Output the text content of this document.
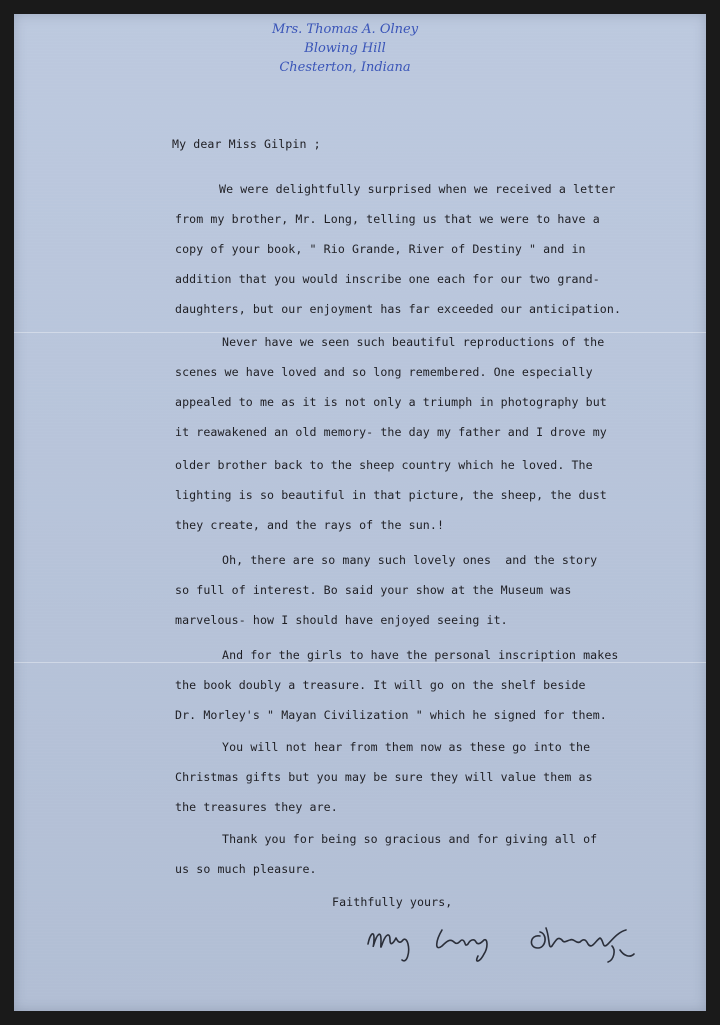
Mrs. Thomas A. Olney
Blowing Hill
Chesterton, Indiana

My dear Miss Gilpin ;

We were delightfully surprised when we received a letter

from my brother, Mr. Long, telling us that we were to have a

copy of your book, " Rio Grande, River of Destiny " and in

addition that you would inscribe one each for our two grand-

daughters, but our enjoyment has far exceeded our anticipation.

Never have we seen such beautiful reproductions of the

scenes we have loved and so long remembered. One especially

appealed to me as it is not only a triumph in photography but

it reawakened an old memory- the day my father and I drove my

older brother back to the sheep country which he loved. The

lighting is so beautiful in that picture, the sheep, the dust

they create, and the rays of the sun.!

Oh, there are so many such lovely ones  and the story

so full of interest. Bo said your show at the Museum was

marvelous- how I should have enjoyed seeing it.

And for the girls to have the personal inscription makes

the book doubly a treasure. It will go on the shelf beside

Dr. Morley's " Mayan Civilization " which he signed for them.

You will not hear from them now as these go into the

Christmas gifts but you may be sure they will value them as

the treasures they are.

Thank you for being so gracious and for giving all of

us so much pleasure.

Faithfully yours,
